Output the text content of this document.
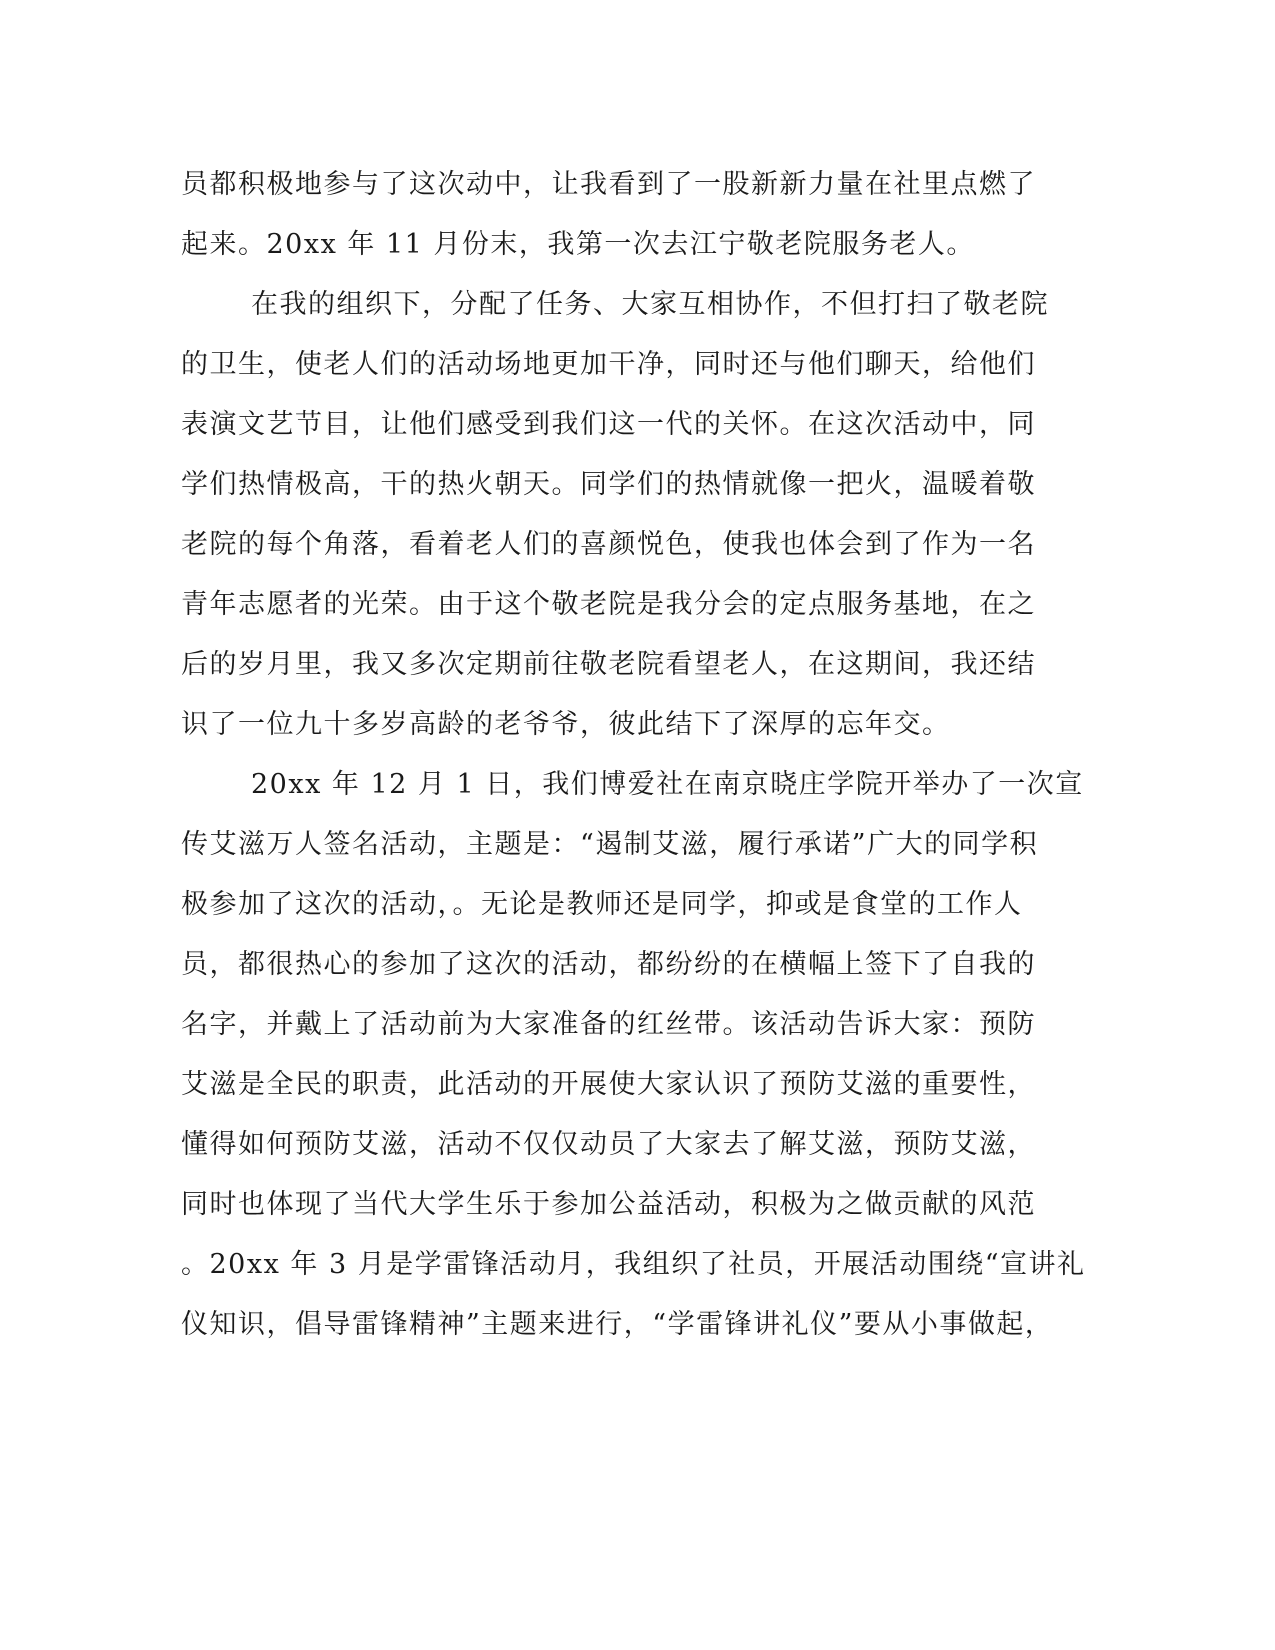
员都积极地参与了这次动中，让我看到了一股新新力量在社里点燃了
起来。20xx 年 11 月份末，我第一次去江宁敬老院服务老人。
在我的组织下，分配了任务、大家互相协作，不但打扫了敬老院
的卫生，使老人们的活动场地更加干净，同时还与他们聊天，给他们
表演文艺节目，让他们感受到我们这一代的关怀。在这次活动中，同
学们热情极高，干的热火朝天。同学们的热情就像一把火，温暖着敬
老院的每个角落，看着老人们的喜颜悦色，使我也体会到了作为一名
青年志愿者的光荣。由于这个敬老院是我分会的定点服务基地，在之
后的岁月里，我又多次定期前往敬老院看望老人，在这期间，我还结
识了一位九十多岁高龄的老爷爷，彼此结下了深厚的忘年交。
20xx 年 12 月 1 日，我们博爱社在南京晓庄学院开举办了一次宣
传艾滋万人签名活动，主题是：“遏制艾滋，履行承诺”广大的同学积
极参加了这次的活动，。无论是教师还是同学，抑或是食堂的工作人
员，都很热心的参加了这次的活动，都纷纷的在横幅上签下了自我的
名字，并戴上了活动前为大家准备的红丝带。该活动告诉大家：预防
艾滋是全民的职责，此活动的开展使大家认识了预防艾滋的重要性，
懂得如何预防艾滋，活动不仅仅动员了大家去了解艾滋，预防艾滋，
同时也体现了当代大学生乐于参加公益活动，积极为之做贡献的风范
。20xx 年 3 月是学雷锋活动月，我组织了社员，开展活动围绕“宣讲礼
仪知识，倡导雷锋精神”主题来进行，“学雷锋讲礼仪”要从小事做起，
